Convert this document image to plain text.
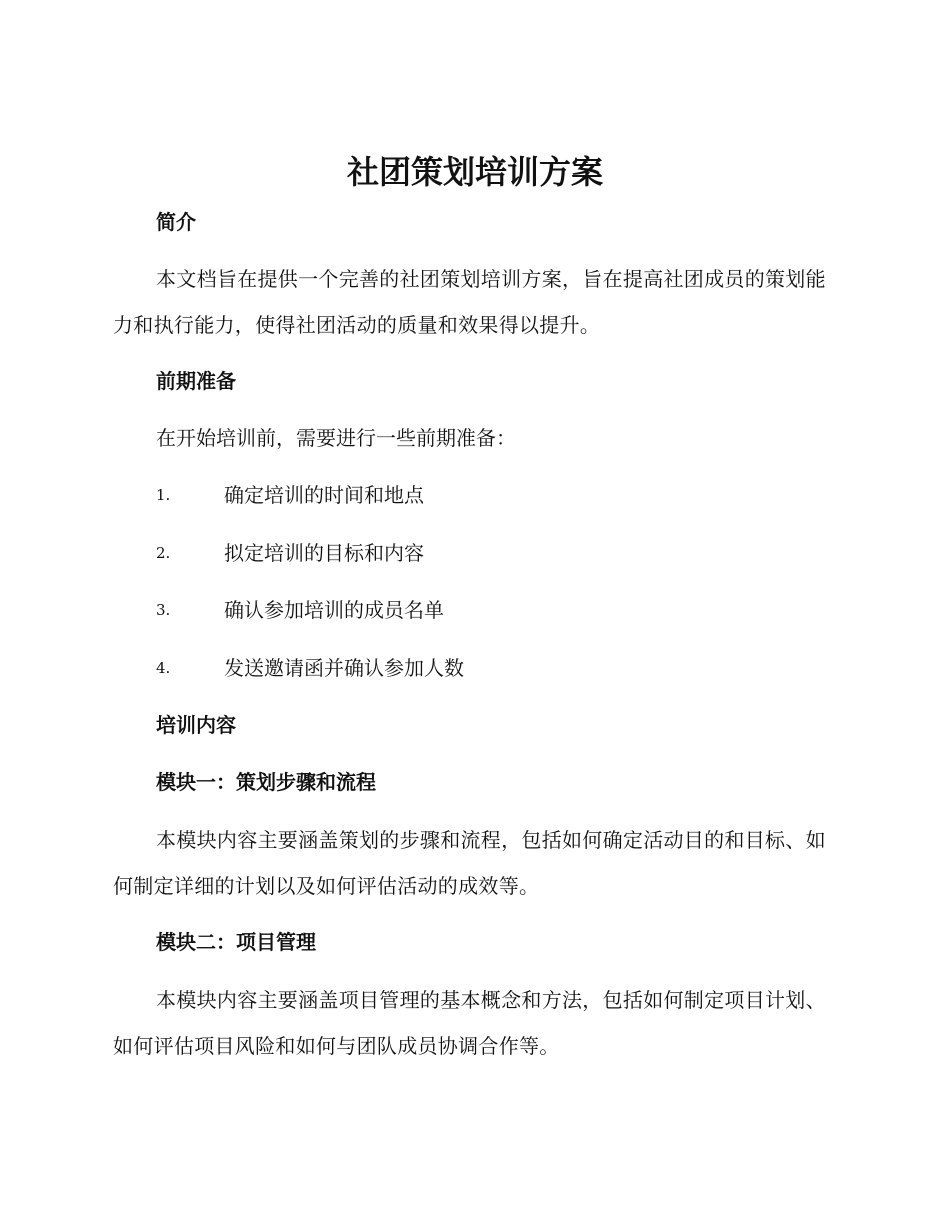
社团策划培训方案
简介

本文档旨在提供一个完善的社团策划培训方案，旨在提高社团成员的策划能力和执行能力，使得社团活动的质量和效果得以提升。

前期准备

在开始培训前，需要进行一些前期准备：

1.	确定培训的时间和地点
2.	拟定培训的目标和内容
3.	确认参加培训的成员名单
4.	发送邀请函并确认参加人数
培训内容
模块一：策划步骤和流程

本模块内容主要涵盖策划的步骤和流程，包括如何确定活动目的和目标、如何制定详细的计划以及如何评估活动的成效等。

模块二：项目管理

本模块内容主要涵盖项目管理的基本概念和方法，包括如何制定项目计划、如何评估项目风险和如何与团队成员协调合作等。
